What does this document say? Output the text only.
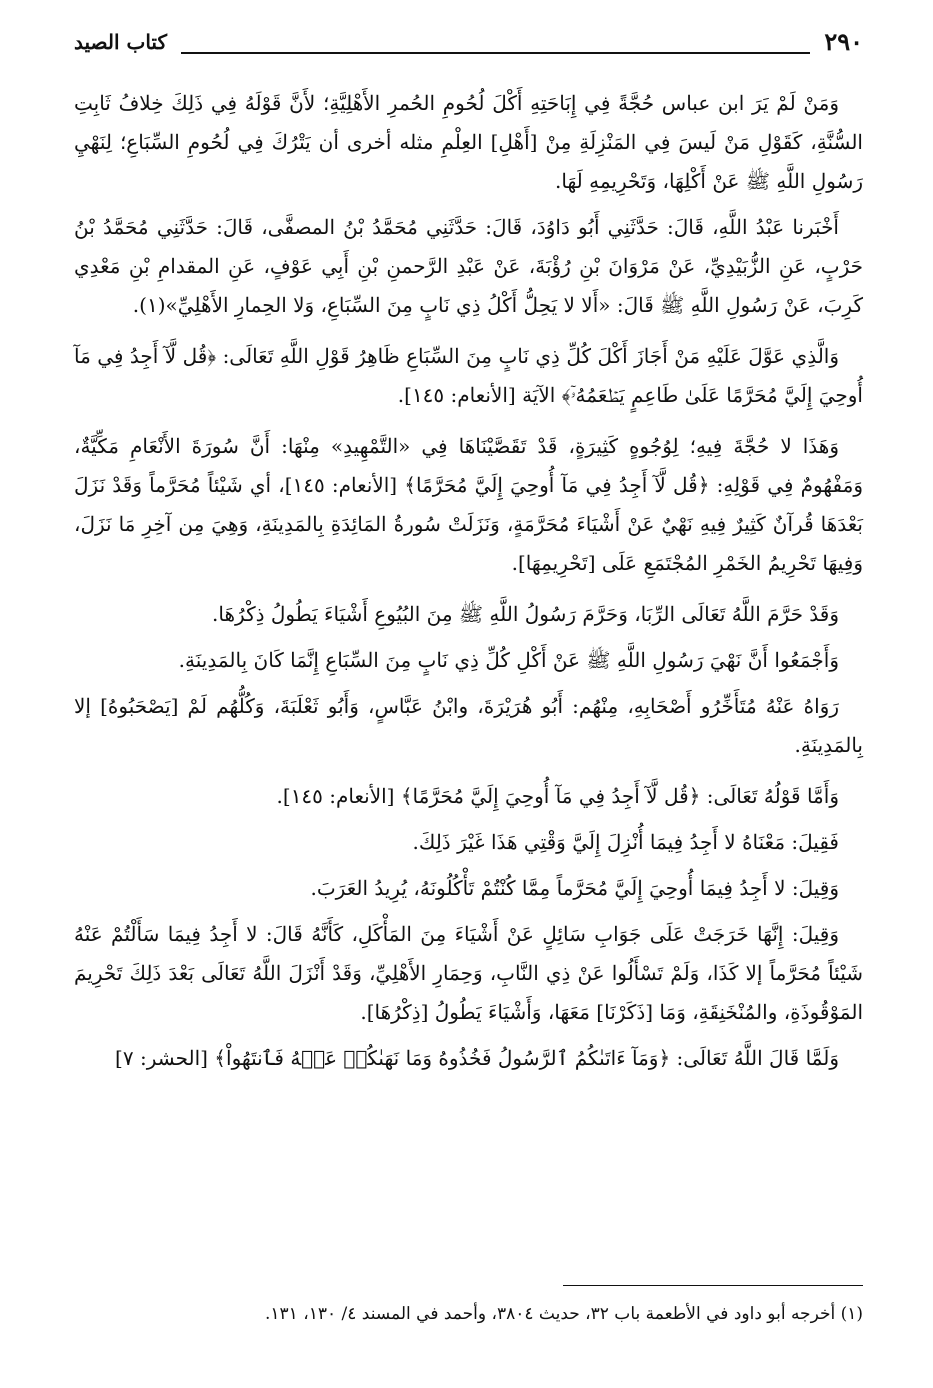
٢٩٠
كتاب الصيد

وَمَنْ لَمْ يَرَ ابن عباس حُجَّةً فِي إِبَاحَتِهِ أَكْلَ لُحُومِ الحُمرِ الأَهْلِيَّةِ؛ لأَنَّ قَوْلَهُ فِي ذَلِكَ خِلافُ ثَابِتِ السُّنَّةِ، كَقَوْلِ مَنْ لَيسَ فِي المَنْزِلَةِ مِنْ [أَهْلِ] العِلْمِ مثله أخرى أن يَتْرُكَ فِي لُحُومِ السِّبَاعِ؛ لِنَهْيِ رَسُولِ اللَّهِ ﷺ عَنْ أَكْلِهَا، وَتَحْرِيمِهِ لَهَا.

أَخْبَرنا عَبْدُ اللَّهِ، قَالَ: حَدَّثَنِي أَبُو دَاوُدَ، قَالَ: حَدَّثَنِي مُحَمَّدُ بْنُ المصفَّى، قَالَ: حَدَّثَنِي مُحَمَّدُ بْنُ حَرْبٍ، عَنِ الزُّبَيْدِيِّ، عَنْ مَرْوَانَ بْنِ رُؤْبَةَ، عَنْ عَبْدِ الرَّحمنِ بْنِ أَبِي عَوْفٍ، عَنِ المقدامِ بْنِ مَعْدِي كَرِبَ، عَنْ رَسُولِ اللَّهِ ﷺ قَالَ: «أَلا لا يَحِلُّ أَكْلُ ذِي نَابٍ مِنَ السِّبَاعِ، وَلا الحِمارِ الأَهْلِيِّ»(١).

وَالَّذِي عَوَّلَ عَلَيْهِ مَنْ أَجَازَ أَكْلَ كُلِّ ذِي نَابٍ مِنَ السِّبَاعِ ظَاهِرُ قَوْلِ اللَّهِ تَعَالَى: ﴿قُل لَّآ أَجِدُ فِي مَآ أُوحِيَ إِلَيَّ مُحَرَّمًا عَلَىٰ طَاعِمٍ يَطۡعَمُهُۥٓ﴾ الآيَة [الأنعام: ١٤٥].

وَهَذَا لا حُجَّةَ فِيهِ؛ لِوُجُوهٍ كَثِيرَةٍ، قَدْ تَقَصَّيْنَاهَا فِي «التَّمْهِيدِ» مِنْهَا: أَنَّ سُورَةَ الأَنْعَامِ مَكِّيَّةٌ، وَمَفْهُومٌ فِي قَوْلِهِ: ﴿قُل لَّآ أَجِدُ فِي مَآ أُوحِيَ إِلَيَّ مُحَرَّمًا﴾ [الأنعام: ١٤٥]، أي شَيْئاً مُحَرَّماً وَقَدْ نَزَلَ بَعْدَهَا قُرآنٌ كَثِيرٌ فِيهِ نَهْيٌ عَنْ أَشْيَاءَ مُحَرَّمَةٍ، وَنَزَلَتْ سُورةُ المَائِدَةِ بِالمَدِينَةِ، وَهِيَ مِن آخِرِ مَا نَزَلَ، وَفِيهَا تَحْرِيمُ الخَمْرِ المُجْتَمَعِ عَلَى [تَحْرِيمِهَا].

وَقَدْ حَرَّمَ اللَّهُ تَعَالَى الرِّبَا، وَحَرَّمَ رَسُولُ اللَّهِ ﷺ مِنَ البُيُوعِ أَشْيَاءَ يَطُولُ ذِكْرُهَا.

وَأَجْمَعُوا أَنَّ نَهْيَ رَسُولِ اللَّهِ ﷺ عَنْ أَكْلِ كُلِّ ذِي نَابٍ مِنَ السِّبَاعِ إِنَّمَا كَانَ بِالمَدِينَةِ.

رَوَاهُ عَنْهُ مُتَأَخِّرُو أَصْحَابِهِ، مِنْهُم: أَبُو هُرَيْرَةَ، وابْنُ عَبَّاسٍ، وَأَبُو ثَعْلَبَةَ، وَكُلُّهُم لَمْ [يَصْحَبُوهُ] إلا بِالمَدِينَةِ.

وَأَمَّا قَوْلُهُ تَعَالَى: ﴿قُل لَّآ أَجِدُ فِي مَآ أُوحِيَ إِلَيَّ مُحَرَّمًا﴾ [الأنعام: ١٤٥].

فَقِيلَ: مَعْنَاهُ لا أَجِدُ فِيمَا أُنْزِلَ إِلَيَّ وَقْتِي هَذَا غَيْرَ ذَلِكَ.

وَقِيلَ: لا أَجِدُ فِيمَا أُوحِيَ إِلَيَّ مُحَرَّماً مِمَّا كُنْتُمْ تَأْكُلُونَهُ، يُرِيدُ العَرَبَ.

وَقِيلَ: إِنَّهَا خَرَجَتْ عَلَى جَوَابِ سَائِلٍ عَنْ أَشْيَاءَ مِنَ المَأْكَلِ، كَأَنَّهُ قَالَ: لا أَجِدُ فِيمَا سَأَلْتُمْ عَنْهُ شَيْئاً مُحَرَّماً إلا كَذَا، وَلَمْ تَسْأَلُوا عَنْ ذِي النَّابِ، وَحِمَارِ الأَهْلِيِّ، وَقَدْ أَنْزَلَ اللَّهُ تَعَالَى بَعْدَ ذَلِكَ تَحْرِيمَ المَوْقُوذَةِ، والمُنْخَنِقَةِ، وَمَا [ذَكَرْنَا] مَعَهَا، وَأَشْيَاءَ يَطُولُ [ذِكْرُهَا].

وَلَمَّا قَالَ اللَّهُ تَعَالَى: ﴿وَمَآ ءَاتَىٰكُمُ ٱلرَّسُولُ فَخُذُوهُ وَمَا نَهَىٰكُمۡ عَنۡهُ فَٱنتَهُواْ﴾ [الحشر: ٧]

(١) أخرجه أبو داود في الأطعمة باب ٣٢، حديث ٣٨٠٤، وأحمد في المسند ٤/ ١٣٠، ١٣١.
